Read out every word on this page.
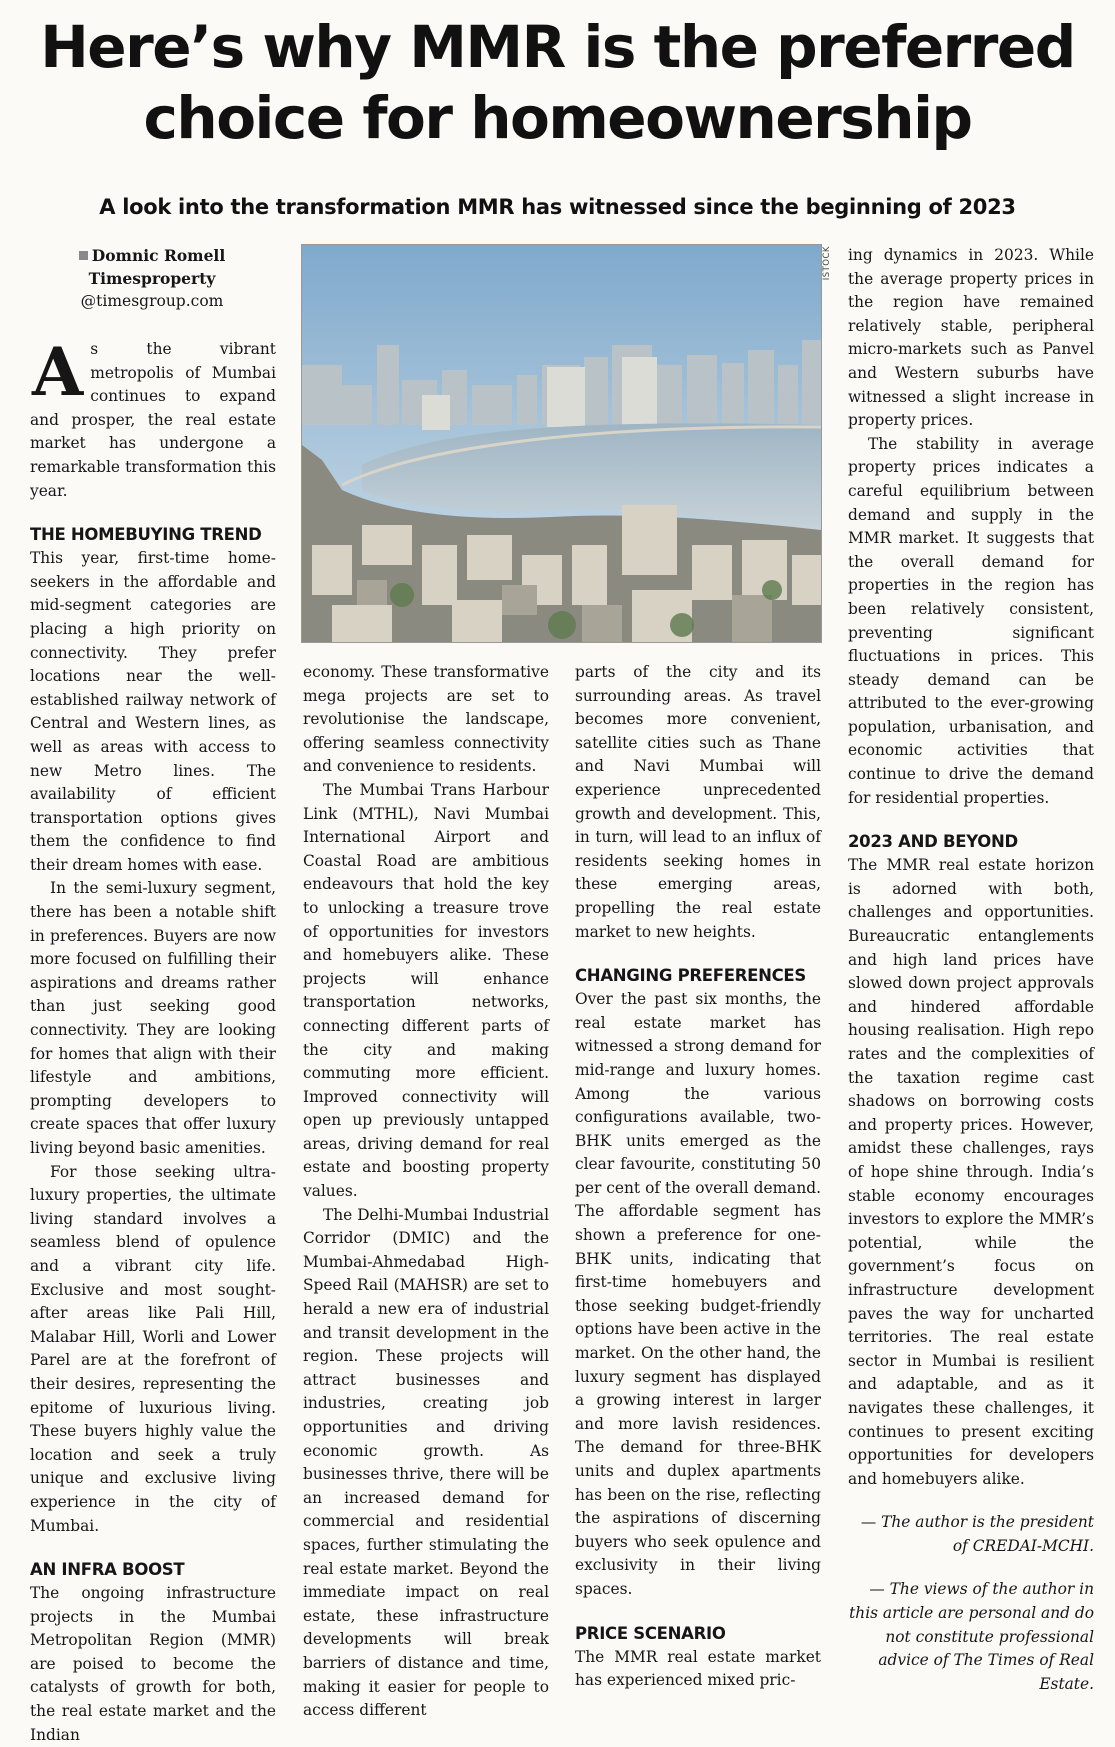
Here’s why MMR is the preferred
choice for homeownership
A look into the transformation MMR has witnessed since the beginning of 2023
Domnic Romell
Timesproperty
@timesgroup.com
ISTOCK

As the vibrant metropolis of Mumbai continues to expand and prosper, the real estate market has undergone a remarkable transformation this year.

THE HOMEBUYING TREND

This year, first-time home-seekers in the affordable and mid-segment categories are placing a high priority on connectivity. They prefer locations near the well-established railway network of Central and Western lines, as well as areas with access to new Metro lines. The availability of efficient transportation options gives them the confidence to find their dream homes with ease.

In the semi-luxury segment, there has been a notable shift in preferences. Buyers are now more focused on fulfilling their aspirations and dreams rather than just seeking good connectivity. They are looking for homes that align with their lifestyle and ambitions, prompting developers to create spaces that offer luxury living beyond basic amenities.

For those seeking ultra-luxury properties, the ultimate living standard involves a seamless blend of opulence and a vibrant city life. Exclusive and most sought-after areas like Pali Hill, Malabar Hill, Worli and Lower Parel are at the forefront of their desires, representing the epitome of luxurious living. These buyers highly value the location and seek a truly unique and exclusive living experience in the city of Mumbai.

AN INFRA BOOST

The ongoing infrastructure projects in the Mumbai Metropolitan Region (MMR) are poised to become the catalysts of growth for both, the real estate market and the Indian

economy. These transformative mega projects are set to revolutionise the landscape, offering seamless connectivity and convenience to residents.

The Mumbai Trans Harbour Link (MTHL), Navi Mumbai International Airport and Coastal Road are ambitious endeavours that hold the key to unlocking a treasure trove of opportunities for investors and homebuyers alike. These projects will enhance transportation networks, connecting different parts of the city and making commuting more efficient. Improved connectivity will open up previously untapped areas, driving demand for real estate and boosting property values.

The Delhi-Mumbai Industrial Corridor (DMIC) and the Mumbai-Ahmedabad High-Speed Rail (MAHSR) are set to herald a new era of industrial and transit development in the region. These projects will attract businesses and industries, creating job opportunities and driving economic growth. As businesses thrive, there will be an increased demand for commercial and residential spaces, further stimulating the real estate market. Beyond the immediate impact on real estate, these infrastructure developments will break barriers of distance and time, making it easier for people to access different

parts of the city and its surrounding areas. As travel becomes more convenient, satellite cities such as Thane and Navi Mumbai will experience unprecedented growth and development. This, in turn, will lead to an influx of residents seeking homes in these emerging areas, propelling the real estate market to new heights.

CHANGING PREFERENCES

Over the past six months, the real estate market has witnessed a strong demand for mid-range and luxury homes. Among the various configurations available, two-BHK units emerged as the clear favourite, constituting 50 per cent of the overall demand. The affordable segment has shown a preference for one-BHK units, indicating that first-time homebuyers and those seeking budget-friendly options have been active in the market. On the other hand, the luxury segment has displayed a growing interest in larger and more lavish residences. The demand for three-BHK units and duplex apartments has been on the rise, reflecting the aspirations of discerning buyers who seek opulence and exclusivity in their living spaces.

PRICE SCENARIO

The MMR real estate market has experienced mixed pric-

ing dynamics in 2023. While the average property prices in the region have remained relatively stable, peripheral micro-markets such as Panvel and Western suburbs have witnessed a slight increase in property prices.

The stability in average property prices indicates a careful equilibrium between demand and supply in the MMR market. It suggests that the overall demand for properties in the region has been relatively consistent, preventing significant fluctuations in prices. This steady demand can be attributed to the ever-growing population, urbanisation, and economic activities that continue to drive the demand for residential properties.

2023 AND BEYOND

The MMR real estate horizon is adorned with both, challenges and opportunities. Bureaucratic entanglements and high land prices have slowed down project approvals and hindered affordable housing realisation. High repo rates and the complexities of the taxation regime cast shadows on borrowing costs and property prices. However, amidst these challenges, rays of hope shine through. India’s stable economy encourages investors to explore the MMR’s potential, while the government’s focus on infrastructure development paves the way for uncharted territories. The real estate sector in Mumbai is resilient and adaptable, and as it navigates these challenges, it continues to present exciting opportunities for developers and homebuyers alike.

— The author is the president of CREDAI-MCHI.

— The views of the author in this article are personal and do not constitute professional advice of The Times of Real Estate.
